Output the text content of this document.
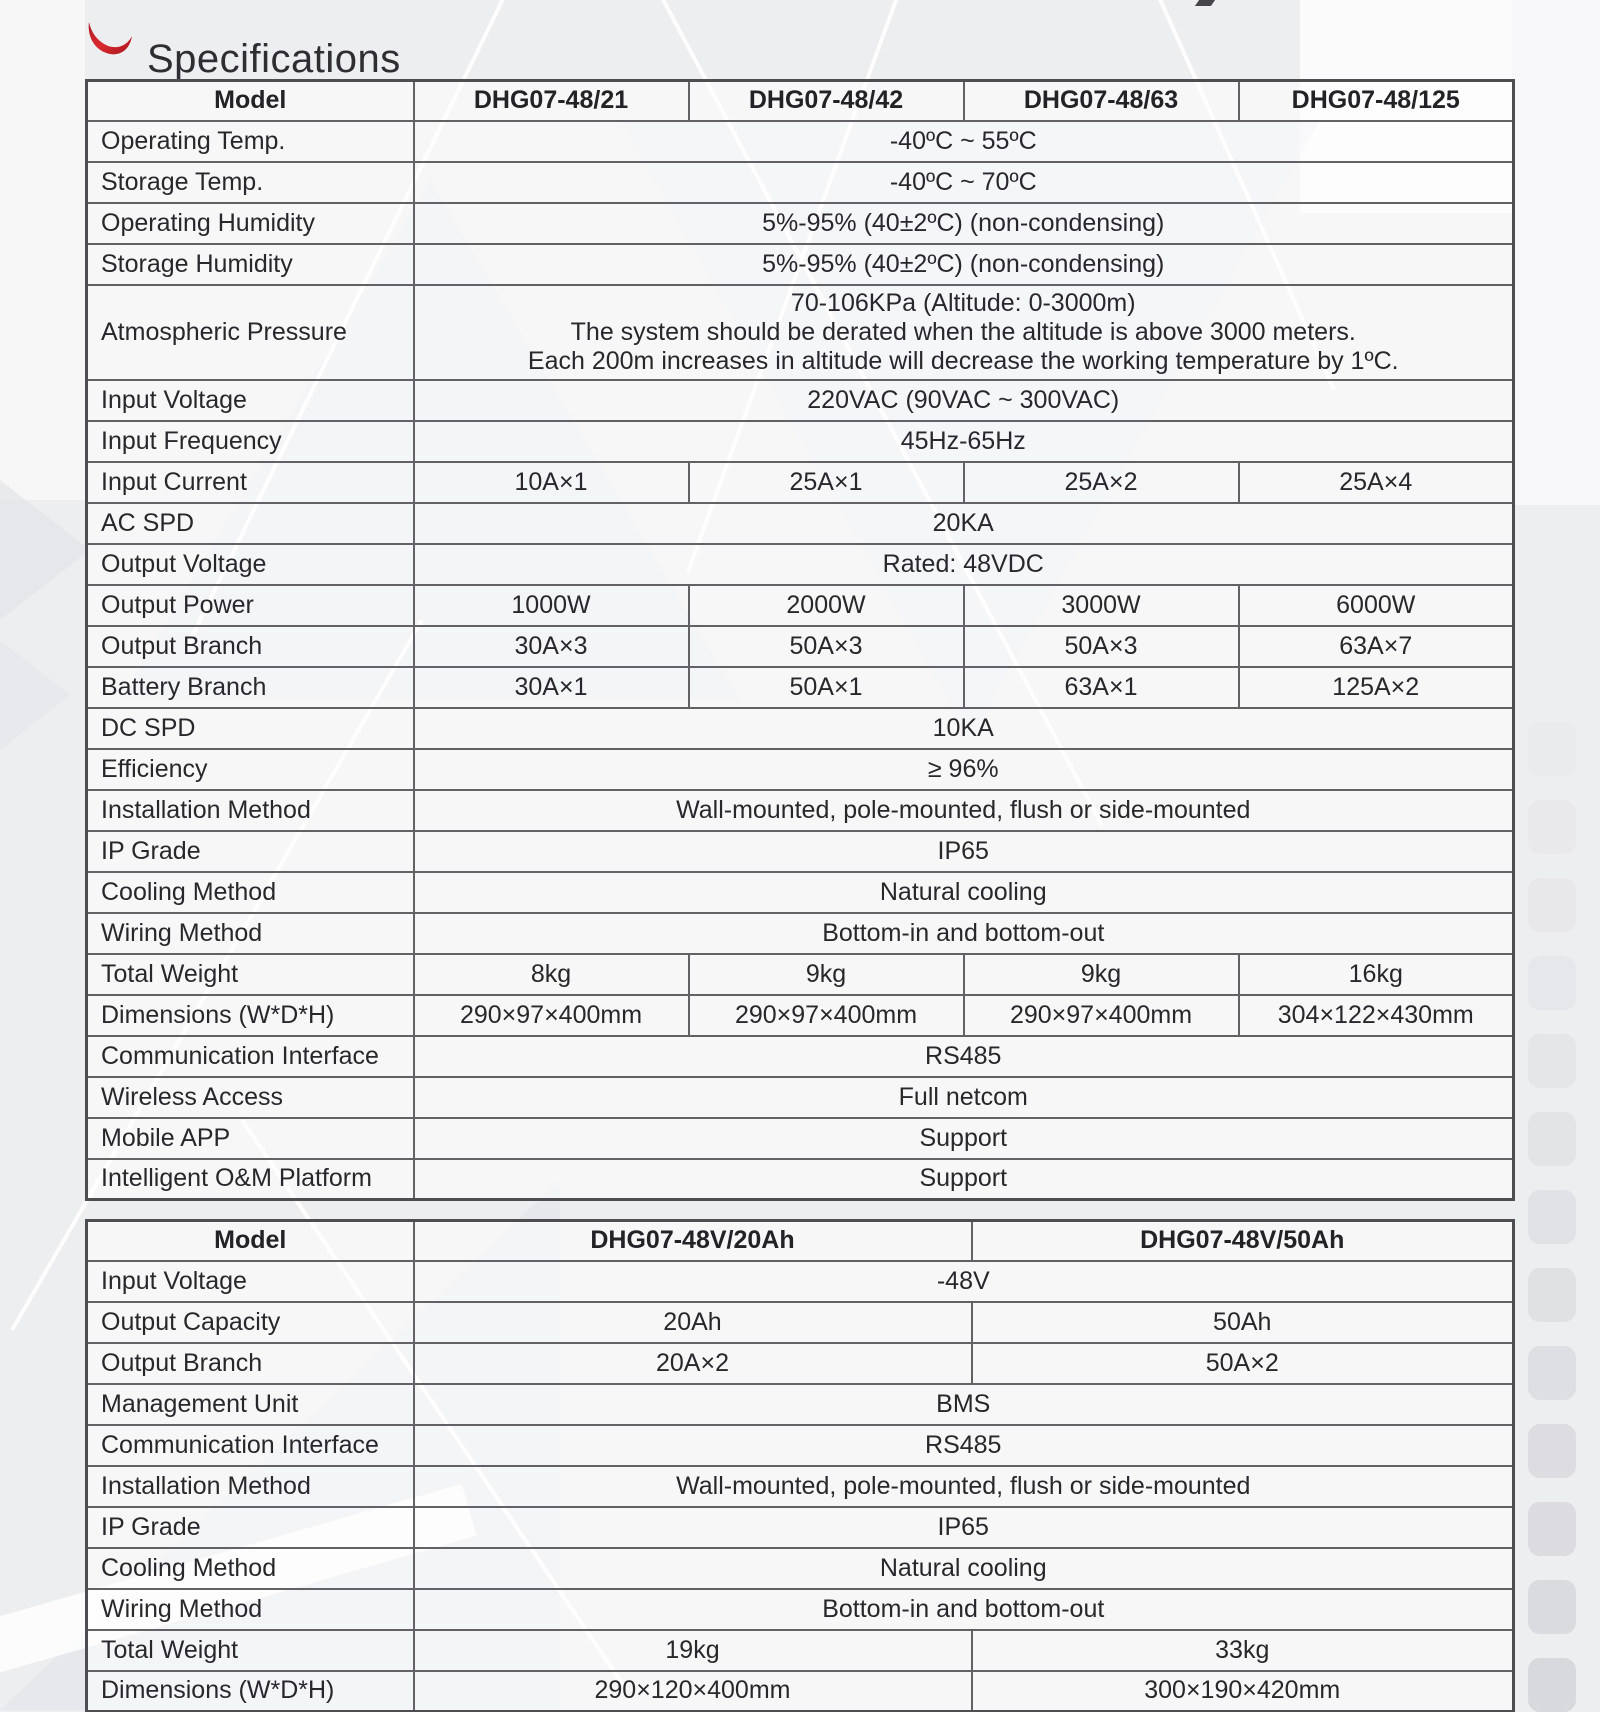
Specifications
Model	DHG07-48/21	DHG07-48/42	DHG07-48/63	DHG07-48/125
Operating Temp.	-40ºC ~ 55ºC			
Storage Temp.	-40ºC ~ 70ºC			
Operating Humidity	5%-95% (40±2ºC) (non-condensing)			
Storage Humidity	5%-95% (40±2ºC) (non-condensing)			
Atmospheric Pressure	70-106KPa (Altitude: 0-3000m)
The system should be derated when the altitude is above 3000 meters.
Each 200m increases in altitude will decrease the working temperature by 1ºC.			

Input Voltage	220VAC (90VAC ~ 300VAC)			
Input Frequency	45Hz-65Hz			
Input Current	10A×1	25A×1	25A×2	25A×4
AC SPD	20KA			
Output Voltage	Rated: 48VDC			
Output Power	1000W	2000W	3000W	6000W
Output Branch	30A×3	50A×3	50A×3	63A×7
Battery Branch	30A×1	50A×1	63A×1	125A×2
DC SPD	10KA			
Efficiency	≥ 96%			
Installation Method	Wall-mounted, pole-mounted, flush or side-mounted			
IP Grade	IP65			
Cooling Method	Natural cooling			
Wiring Method	Bottom-in and bottom-out			
Total Weight	8kg	9kg	9kg	16kg
Dimensions (W*D*H)	290×97×400mm	290×97×400mm	290×97×400mm	304×122×430mm
Communication Interface	RS485			
Wireless Access	Full netcom			
Mobile APP	Support			
Intelligent O&M Platform	Support			
Model	DHG07-48V/20Ah	DHG07-48V/50Ah
Input Voltage	-48V	
Output Capacity	20Ah	50Ah
Output Branch	20A×2	50A×2
Management Unit	BMS	
Communication Interface	RS485	
Installation Method	Wall-mounted, pole-mounted, flush or side-mounted	
IP Grade	IP65	
Cooling Method	Natural cooling	
Wiring Method	Bottom-in and bottom-out	
Total Weight	19kg	33kg
Dimensions (W*D*H)	290×120×400mm	300×190×420mm
